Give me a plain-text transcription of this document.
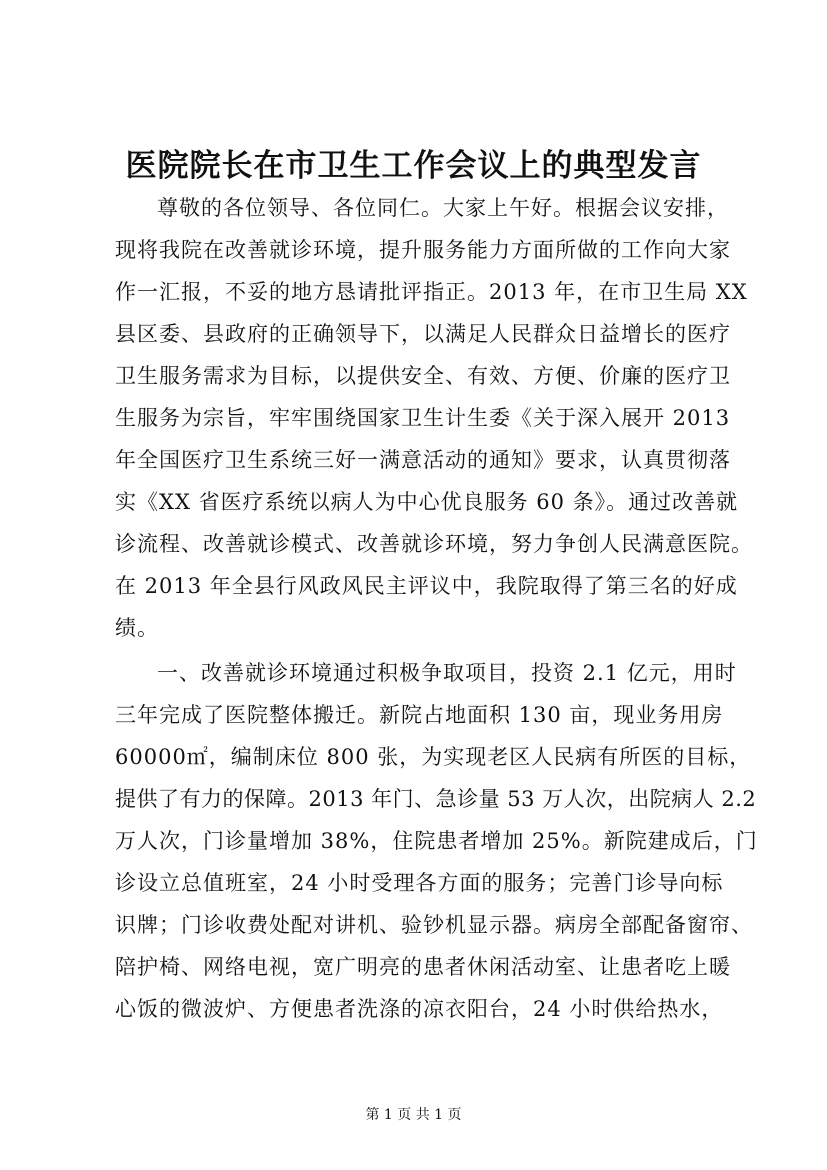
医院院长在市卫生工作会议上的典型发言
尊敬的各位领导、各位同仁。大家上午好。根据会议安排，
现将我院在改善就诊环境，提升服务能力方面所做的工作向大家
作一汇报，不妥的地方恳请批评指正。2013 年，在市卫生局 XX
县区委、县政府的正确领导下，以满足人民群众日益增长的医疗
卫生服务需求为目标，以提供安全、有效、方便、价廉的医疗卫
生服务为宗旨，牢牢围绕国家卫生计生委《关于深入展开 2013
年全国医疗卫生系统三好一满意活动的通知》要求，认真贯彻落
实《XX 省医疗系统以病人为中心优良服务 60 条》。通过改善就
诊流程、改善就诊模式、改善就诊环境，努力争创人民满意医院。
在 2013 年全县行风政风民主评议中，我院取得了第三名的好成
绩。
一、改善就诊环境通过积极争取项目，投资 2.1 亿元，用时
三年完成了医院整体搬迁。新院占地面积 130 亩，现业务用房
60000㎡，编制床位 800 张，为实现老区人民病有所医的目标，
提供了有力的保障。2013 年门、急诊量 53 万人次，出院病人 2.2
万人次，门诊量增加 38%，住院患者增加 25%。新院建成后，门
诊设立总值班室，24 小时受理各方面的服务；完善门诊导向标
识牌；门诊收费处配对讲机、验钞机显示器。病房全部配备窗帘、
陪护椅、网络电视，宽广明亮的患者休闲活动室、让患者吃上暖
心饭的微波炉、方便患者洗涤的凉衣阳台，24 小时供给热水，
第 1 页 共 1 页
